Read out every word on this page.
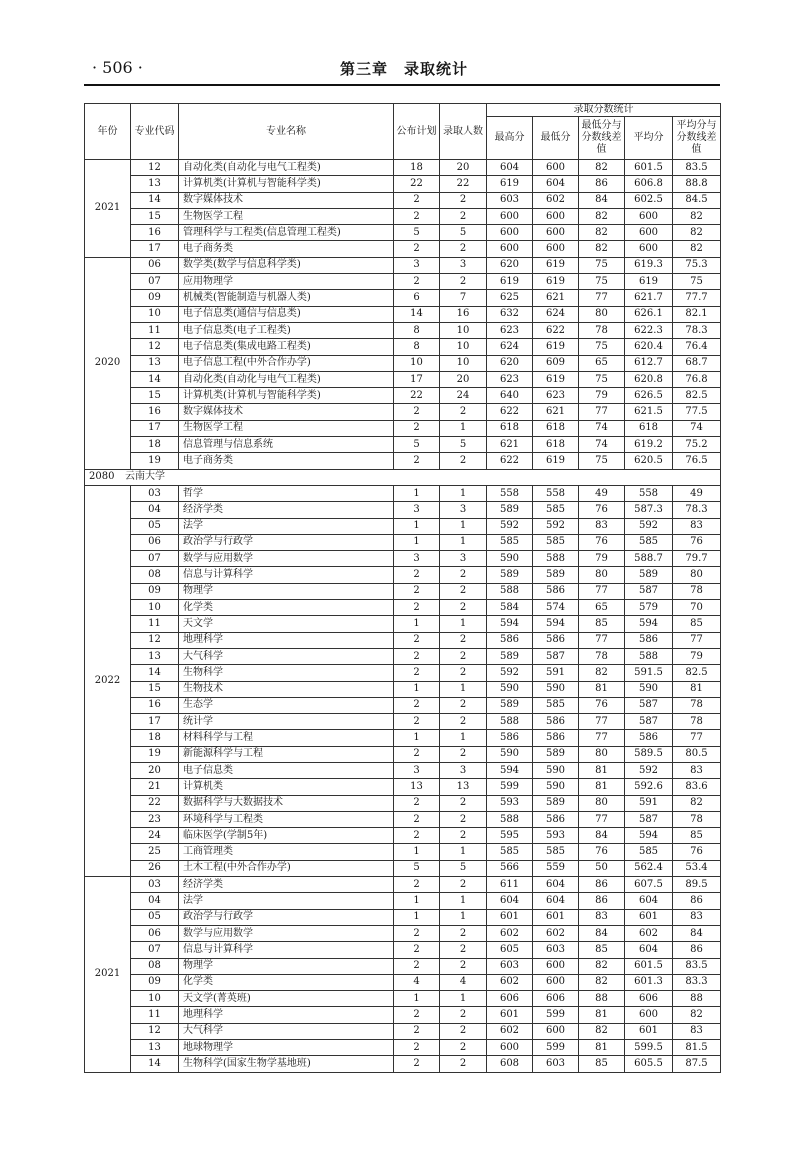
· 506 ·	第三章　录取统计
年份	专业代码	专业名称	公布计划	录取人数	录取分数统计				
					最高分	最低分	最低分与分数线差值	平均分	平均分与分数线差值
2021	12	自动化类(自动化与电气工程类)	18	20	604	600	82	601.5	83.5
	13	计算机类(计算机与智能科学类)	22	22	619	604	86	606.8	88.8
	14	数字媒体技术	2	2	603	602	84	602.5	84.5
	15	生物医学工程	2	2	600	600	82	600	82
	16	管理科学与工程类(信息管理工程类)	5	5	600	600	82	600	82
	17	电子商务类	2	2	600	600	82	600	82
2020	06	数学类(数学与信息科学类)	3	3	620	619	75	619.3	75.3
	07	应用物理学	2	2	619	619	75	619	75
	09	机械类(智能制造与机器人类)	6	7	625	621	77	621.7	77.7
	10	电子信息类(通信与信息类)	14	16	632	624	80	626.1	82.1
	11	电子信息类(电子工程类)	8	10	623	622	78	622.3	78.3
	12	电子信息类(集成电路工程类)	8	10	624	619	75	620.4	76.4
	13	电子信息工程(中外合作办学)	10	10	620	609	65	612.7	68.7
	14	自动化类(自动化与电气工程类)	17	20	623	619	75	620.8	76.8
	15	计算机类(计算机与智能科学类)	22	24	640	623	79	626.5	82.5
	16	数字媒体技术	2	2	622	621	77	621.5	77.5
	17	生物医学工程	2	1	618	618	74	618	74
	18	信息管理与信息系统	5	5	621	618	74	619.2	75.2
	19	电子商务类	2	2	622	619	75	620.5	76.5
2080 云南大学									
2022	03	哲学	1	1	558	558	49	558	49
	04	经济学类	3	3	589	585	76	587.3	78.3
	05	法学	1	1	592	592	83	592	83
	06	政治学与行政学	1	1	585	585	76	585	76
	07	数学与应用数学	3	3	590	588	79	588.7	79.7
	08	信息与计算科学	2	2	589	589	80	589	80
	09	物理学	2	2	588	586	77	587	78
	10	化学类	2	2	584	574	65	579	70
	11	天文学	1	1	594	594	85	594	85
	12	地理科学	2	2	586	586	77	586	77
	13	大气科学	2	2	589	587	78	588	79
	14	生物科学	2	2	592	591	82	591.5	82.5
	15	生物技术	1	1	590	590	81	590	81
	16	生态学	2	2	589	585	76	587	78
	17	统计学	2	2	588	586	77	587	78
	18	材料科学与工程	1	1	586	586	77	586	77
	19	新能源科学与工程	2	2	590	589	80	589.5	80.5
	20	电子信息类	3	3	594	590	81	592	83
	21	计算机类	13	13	599	590	81	592.6	83.6
	22	数据科学与大数据技术	2	2	593	589	80	591	82
	23	环境科学与工程类	2	2	588	586	77	587	78
	24	临床医学(学制5年)	2	2	595	593	84	594	85
	25	工商管理类	1	1	585	585	76	585	76
	26	土木工程(中外合作办学)	5	5	566	559	50	562.4	53.4
2021	03	经济学类	2	2	611	604	86	607.5	89.5
	04	法学	1	1	604	604	86	604	86
	05	政治学与行政学	1	1	601	601	83	601	83
	06	数学与应用数学	2	2	602	602	84	602	84
	07	信息与计算科学	2	2	605	603	85	604	86
	08	物理学	2	2	603	600	82	601.5	83.5
	09	化学类	4	4	602	600	82	601.3	83.3
	10	天文学(菁英班)	1	1	606	606	88	606	88
	11	地理科学	2	2	601	599	81	600	82
	12	大气科学	2	2	602	600	82	601	83
	13	地球物理学	2	2	600	599	81	599.5	81.5
	14	生物科学(国家生物学基地班)	2	2	608	603	85	605.5	87.5
